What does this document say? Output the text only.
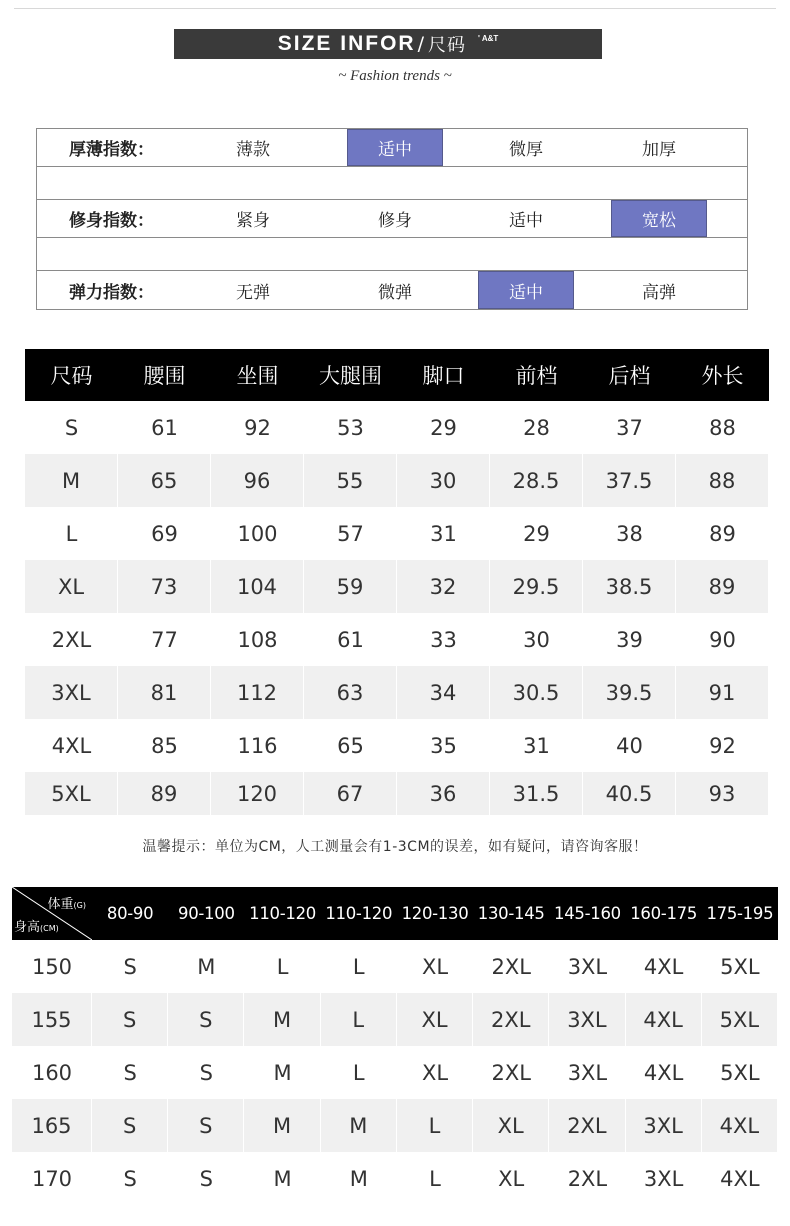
SIZE INFOR / 尺码 ' A&T
~ Fashion trends ~
厚薄指数：	薄款	适中	微厚	加厚
修身指数：	紧身	修身	适中	宽松
弹力指数：	无弹	微弹	适中	高弹
尺码	腰围	坐围	大腿围	脚口	前档	后档	外长
S	61	92	53	29	28	37	88
M	65	96	55	30	28.5	37.5	88
L	69	100	57	31	29	38	89
XL	73	104	59	32	29.5	38.5	89
2XL	77	108	61	33	30	39	90
3XL	81	112	63	34	30.5	39.5	91
4XL	85	116	65	35	31	40	92
5XL	89	120	67	36	31.5	40.5	93
温馨提示：单位为CM，人工测量会有1-3CM的误差，如有疑问，请咨询客服！
体重(G)
身高(CM)
80-90	90-100 110-120 110-120 120-130 130-145 145-160 160-175 175-195
150	S	M	L	L	XL	2XL	3XL	4XL	5XL
155	S	S	M	L	XL	2XL	3XL	4XL	5XL
160	S	S	M	L	XL	2XL	3XL	4XL	5XL
165	S	S	M	M	L	XL	2XL	3XL	4XL
170	S	S	M	M	L	XL	2XL	3XL	4XL
